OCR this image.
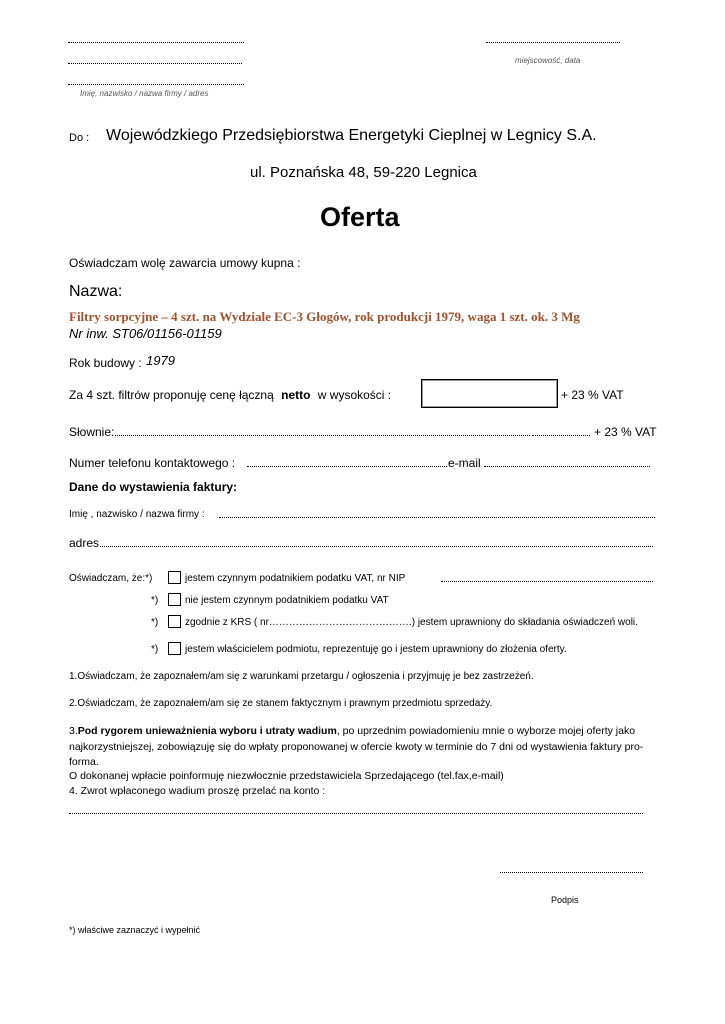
Imię, nazwisko / nazwa firmy / adres
miejscowość, data
Do : Wojewódzkiego Przedsiębiorstwa Energetyki Cieplnej w Legnicy S.A.
ul. Poznańska 48, 59-220 Legnica
Oferta
Oświadczam wolę zawarcia umowy kupna :
Nazwa:
Filtry sorpcyjne – 4 szt. na Wydziale EC-3 Głogów, rok produkcji 1979, waga 1 szt. ok. 3 Mg
Nr inw. ST06/01156-01159
Rok budowy : 1979
Za 4 szt. filtrów proponuję cenę łączną netto w wysokości :	+ 23 % VAT
Słownie:	+ 23 % VAT
Numer telefonu kontaktowego :	e-mail
Dane do wystawienia faktury:
Imię , nazwisko / nazwa firmy :
adres
Oświadczam, że:*)	jestem czynnym podatnikiem podatku VAT, nr NIP
*)	nie jestem czynnym podatnikiem podatku VAT
*)	zgodnie z KRS ( nr…………………………………….) jestem uprawniony do składania oświadczeń woli.
*)	jestem właścicielem podmiotu, reprezentuję go i jestem uprawniony do złożenia oferty.
1.Oświadczam, że zapoznałem/am się z warunkami przetargu / ogłoszenia i przyjmuję je bez zastrzeżeń.
2.Oświadczam, że zapoznałem/am się ze stanem faktycznym i prawnym przedmiotu sprzedaży.
3.Pod rygorem unieważnienia wyboru i utraty wadium, po uprzednim powiadomieniu mnie o wyborze mojej oferty jako najkorzystniejszej, zobowiązuję się do wpłaty proponowanej w ofercie kwoty w terminie do 7 dni od wystawienia faktury pro-forma.
O dokonanej wpłacie poinformuję niezwłocznie przedstawiciela Sprzedającego (tel.fax,e-mail)
4. Zwrot wpłaconego wadium proszę przelać na konto :
Podpis
*) właściwe zaznaczyć i wypełnić
